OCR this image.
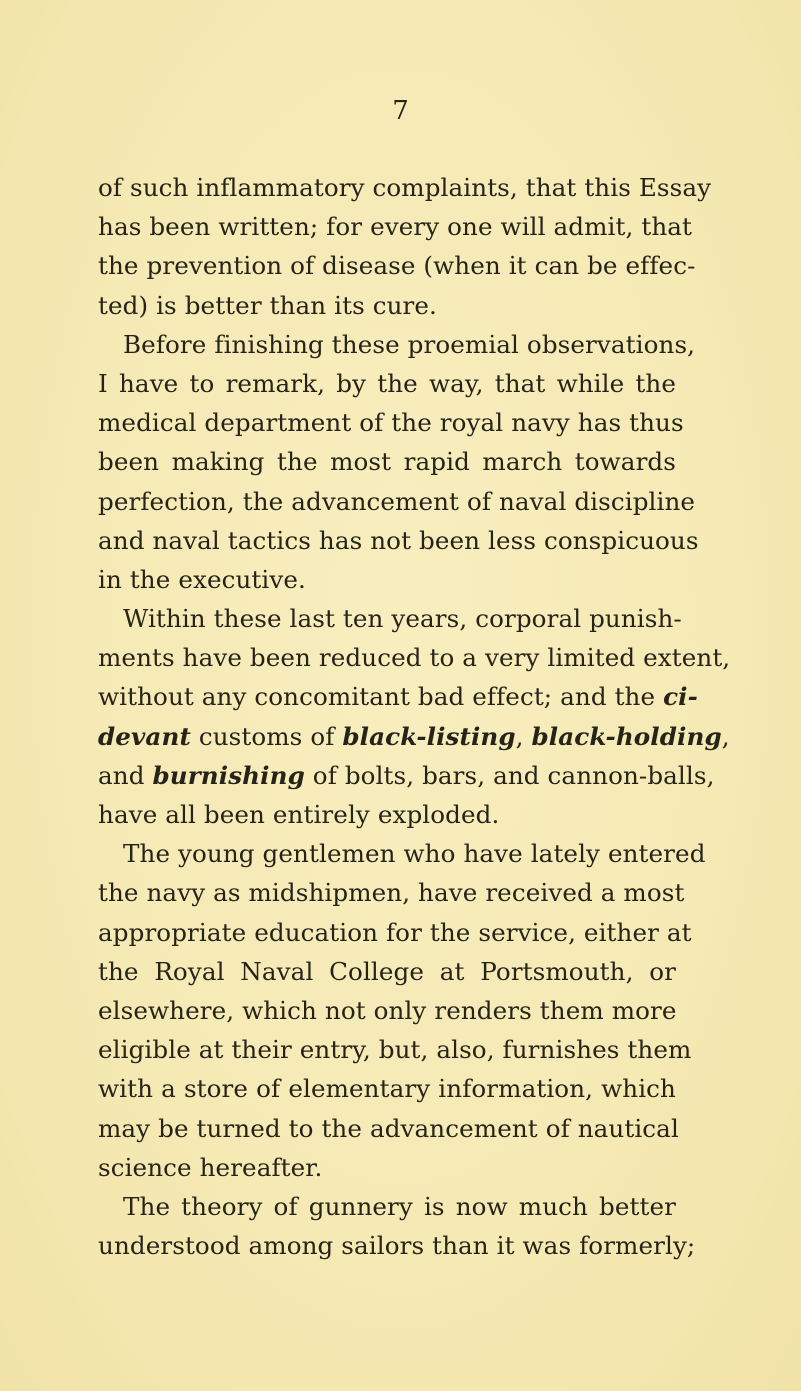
7
of such inflammatory complaints, that this Essay
has been written; for every one will admit, that
the prevention of disease (when it can be effec-
ted) is better than its cure.
Before finishing these proemial observations,
I have to remark, by the way, that while the
medical department of the royal navy has thus
been making the most rapid march towards
perfection, the advancement of naval discipline
and naval tactics has not been less conspicuous
in the executive.
Within these last ten years, corporal punish-
ments have been reduced to a very limited extent,
without any concomitant bad effect; and the ci-
devant customs of black-listing, black-holding,
and burnishing of bolts, bars, and cannon-balls,
have all been entirely exploded.
The young gentlemen who have lately entered
the navy as midshipmen, have received a most
appropriate education for the service, either at
the Royal Naval College at Portsmouth, or
elsewhere, which not only renders them more
eligible at their entry, but, also, furnishes them
with a store of elementary information, which
may be turned to the advancement of nautical
science hereafter.
The theory of gunnery is now much better
understood among sailors than it was formerly;
